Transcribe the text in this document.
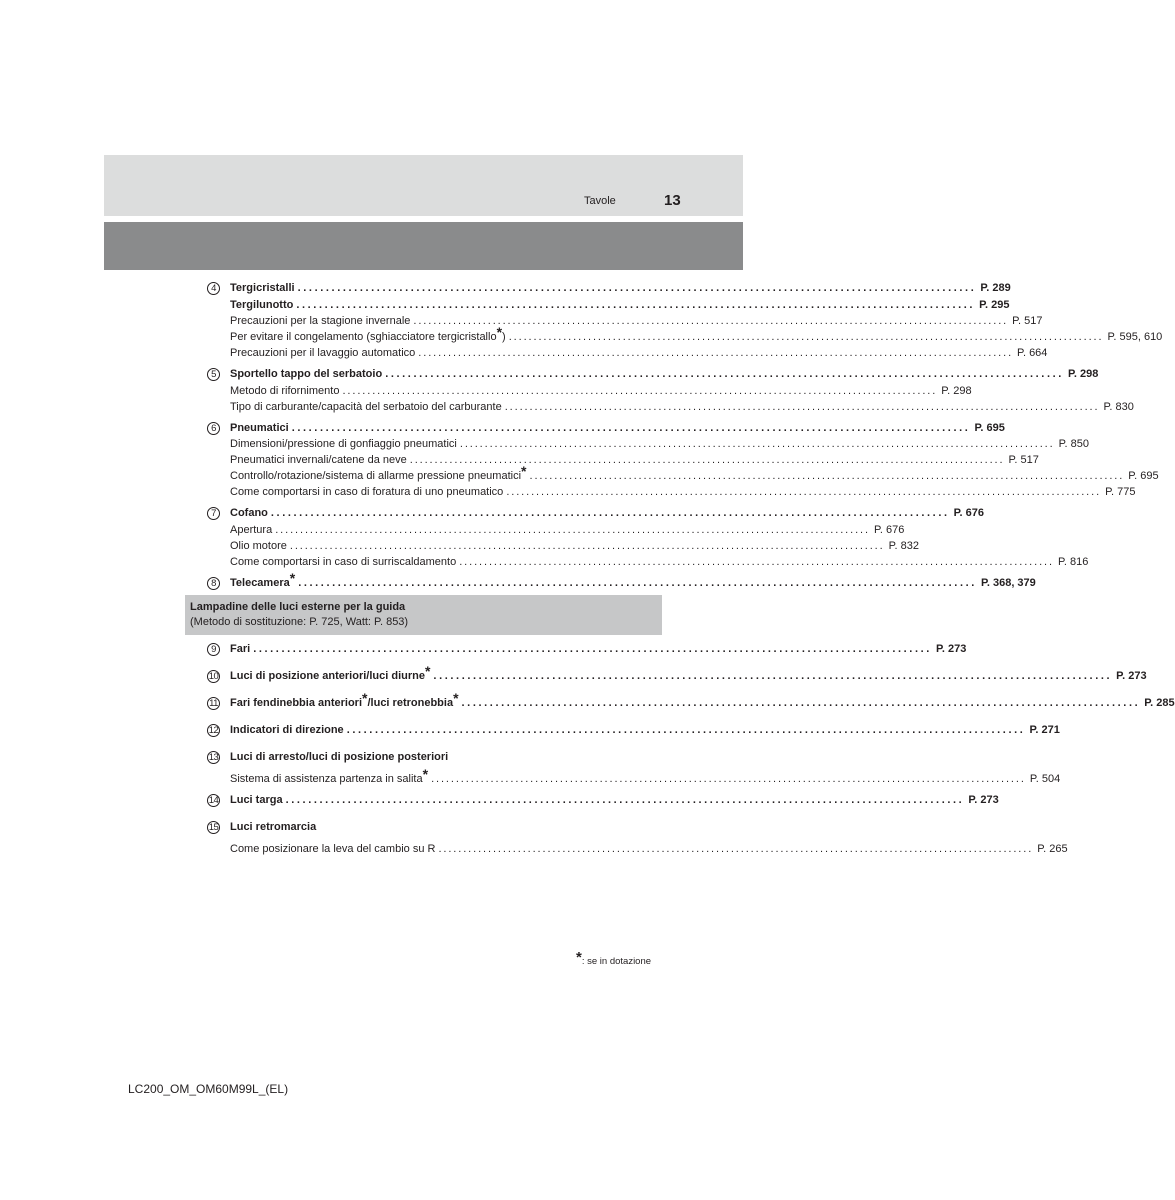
Tavole	13
4	Tergicristalli ........................................................................................................................ P. 289
Tergilunotto ........................................................................................................................ P. 295
Precauzioni per la stagione invernale ........................................................................................................................ P. 517
Per evitare il congelamento (sghiacciatore tergicristallo*) ........................................................................................................................ P. 595, 610
Precauzioni per il lavaggio automatico ........................................................................................................................ P. 664
5	Sportello tappo del serbatoio ........................................................................................................................ P. 298
Metodo di rifornimento ........................................................................................................................ P. 298
Tipo di carburante/capacità del serbatoio del carburante ........................................................................................................................ P. 830
6	Pneumatici ........................................................................................................................ P. 695
Dimensioni/pressione di gonfiaggio pneumatici ........................................................................................................................ P. 850
Pneumatici invernali/catene da neve ........................................................................................................................ P. 517
Controllo/rotazione/sistema di allarme pressione pneumatici* ........................................................................................................................ P. 695
Come comportarsi in caso di foratura di uno pneumatico ........................................................................................................................ P. 775
7	Cofano ........................................................................................................................ P. 676
Apertura ........................................................................................................................ P. 676
Olio motore ........................................................................................................................ P. 832
Come comportarsi in caso di surriscaldamento ........................................................................................................................ P. 816
8	Telecamera* ........................................................................................................................ P. 368, 379
Lampadine delle luci esterne per la guida
(Metodo di sostituzione: P. 725, Watt: P. 853)
9	Fari ........................................................................................................................ P. 273
10 Luci di posizione anteriori/luci diurne* ........................................................................................................................ P. 273
11 Fari fendinebbia anteriori*/luci retronebbia* ........................................................................................................................ P. 285
12 Indicatori di direzione ........................................................................................................................ P. 271
13 Luci di arresto/luci di posizione posteriori
Sistema di assistenza partenza in salita* ........................................................................................................................ P. 504
14 Luci targa ........................................................................................................................ P. 273
15 Luci retromarcia
Come posizionare la leva del cambio su R ........................................................................................................................ P. 265
*: se in dotazione
LC200_OM_OM60M99L_(EL)
